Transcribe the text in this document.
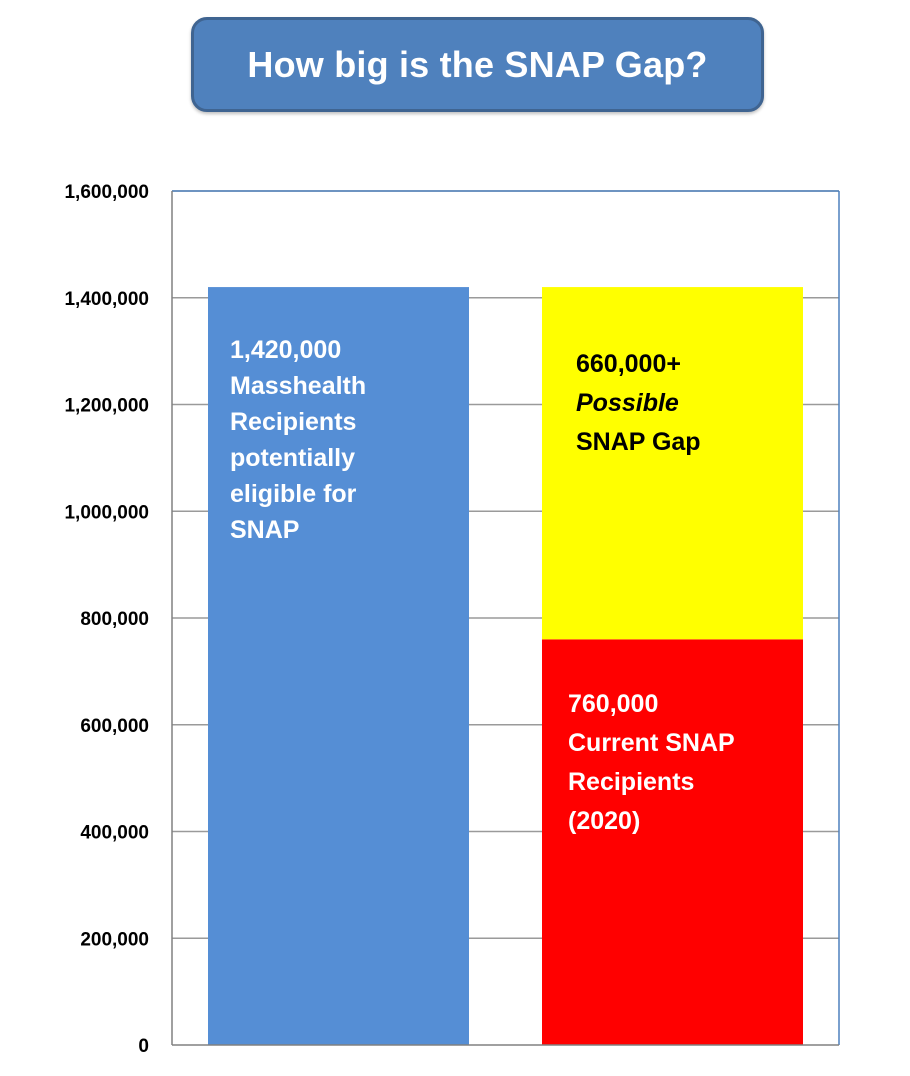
How big is the SNAP Gap?
0
200,000
400,000
600,000
800,000
1,000,000
1,200,000
1,400,000
1,600,000
1,420,000
Masshealth
Recipients
potentially
eligible for
SNAP
760,000
Current SNAP
Recipients
(2020)
660,000+
Possible
SNAP Gap
